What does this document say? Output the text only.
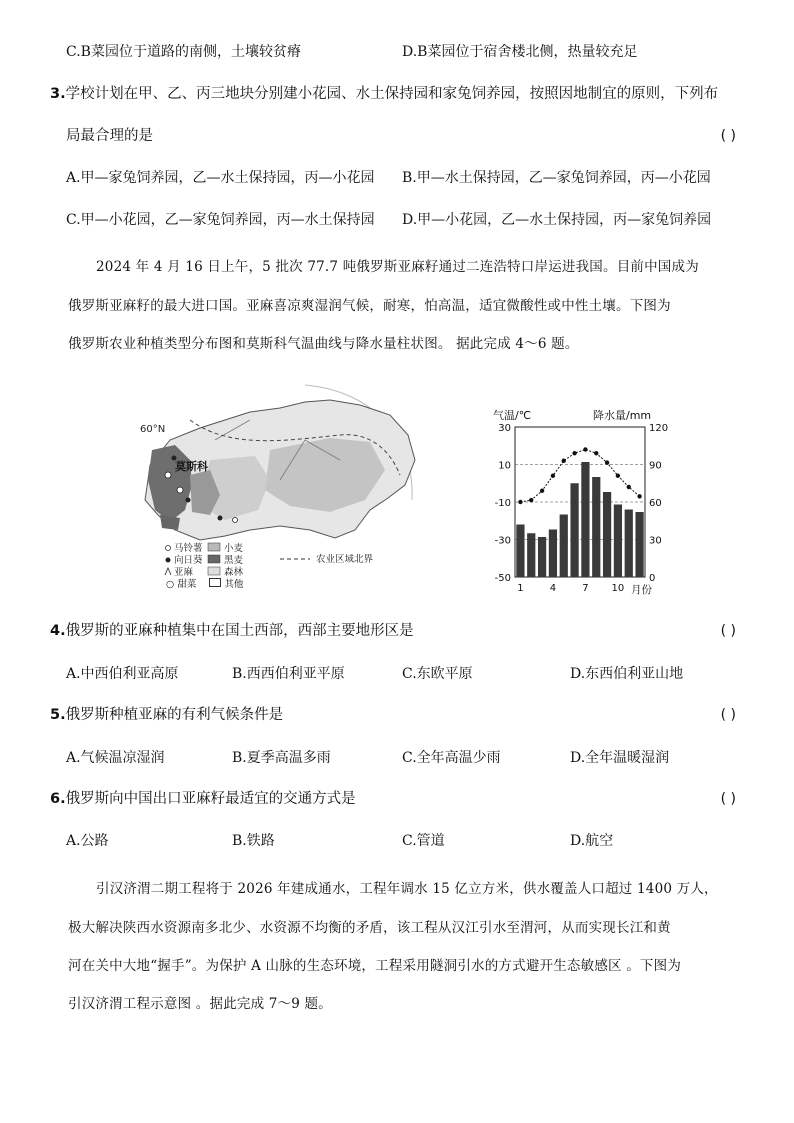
C.B菜园位于道路的南侧，土壤较贫瘠	D.B菜园位于宿舍楼北侧，热量较充足
3.学校计划在甲、乙、丙三地块分别建小花园、水土保持园和家兔饲养园，按照因地制宜的原则，下列布
局最合理的是	( )
A.甲—家兔饲养园，乙—水土保持园，丙—小花园 B.甲—水土保持园，乙—家兔饲养园，丙—小花园
C.甲—小花园，乙—家兔饲养园，丙—水土保持园 D.甲—小花园，乙—水土保持园，丙—家兔饲养园
2024 年 4 月 16 日上午，5 批次 77.7 吨俄罗斯亚麻籽通过二连浩特口岸运进我国。目前中国成为
俄罗斯亚麻籽的最大进口国。亚麻喜凉爽湿润气候，耐寒，怕高温，适宜微酸性或中性土壤。下图为
俄罗斯农业种植类型分布图和莫斯科气温曲线与降水量柱状图。 据此完成 4～6 题。
60°N
莫斯科
马铃薯 小麦
向日葵 黑麦
亚麻	森林
农业区域北界
○ 甜菜	其他
30
10
-10
-30
-50
120
90
60
30
0
1	4	7 10
气温/℃	降水量/mm
月份
4.俄罗斯的亚麻种植集中在国土西部，西部主要地形区是	( )
A.中西伯利亚高原	B.西西伯利亚平原	C.东欧平原	D.东西伯利亚山地
5.俄罗斯种植亚麻的有利气候条件是	( )
A.气候温凉湿润	B.夏季高温多雨	C.全年高温少雨	D.全年温暖湿润
6.俄罗斯向中国出口亚麻籽最适宜的交通方式是	( )
A.公路	B.铁路	C.管道	D.航空
引汉济渭二期工程将于 2026 年建成通水，工程年调水 15 亿立方米，供水覆盖人口超过 1400 万人，
极大解决陕西水资源南多北少、水资源不均衡的矛盾，该工程从汉江引水至渭河，从而实现长江和黄
河在关中大地“握手”。为保护 A 山脉的生态环境，工程采用隧洞引水的方式避开生态敏感区 。下图为
引汉济渭工程示意图 。据此完成 7～9 题。
